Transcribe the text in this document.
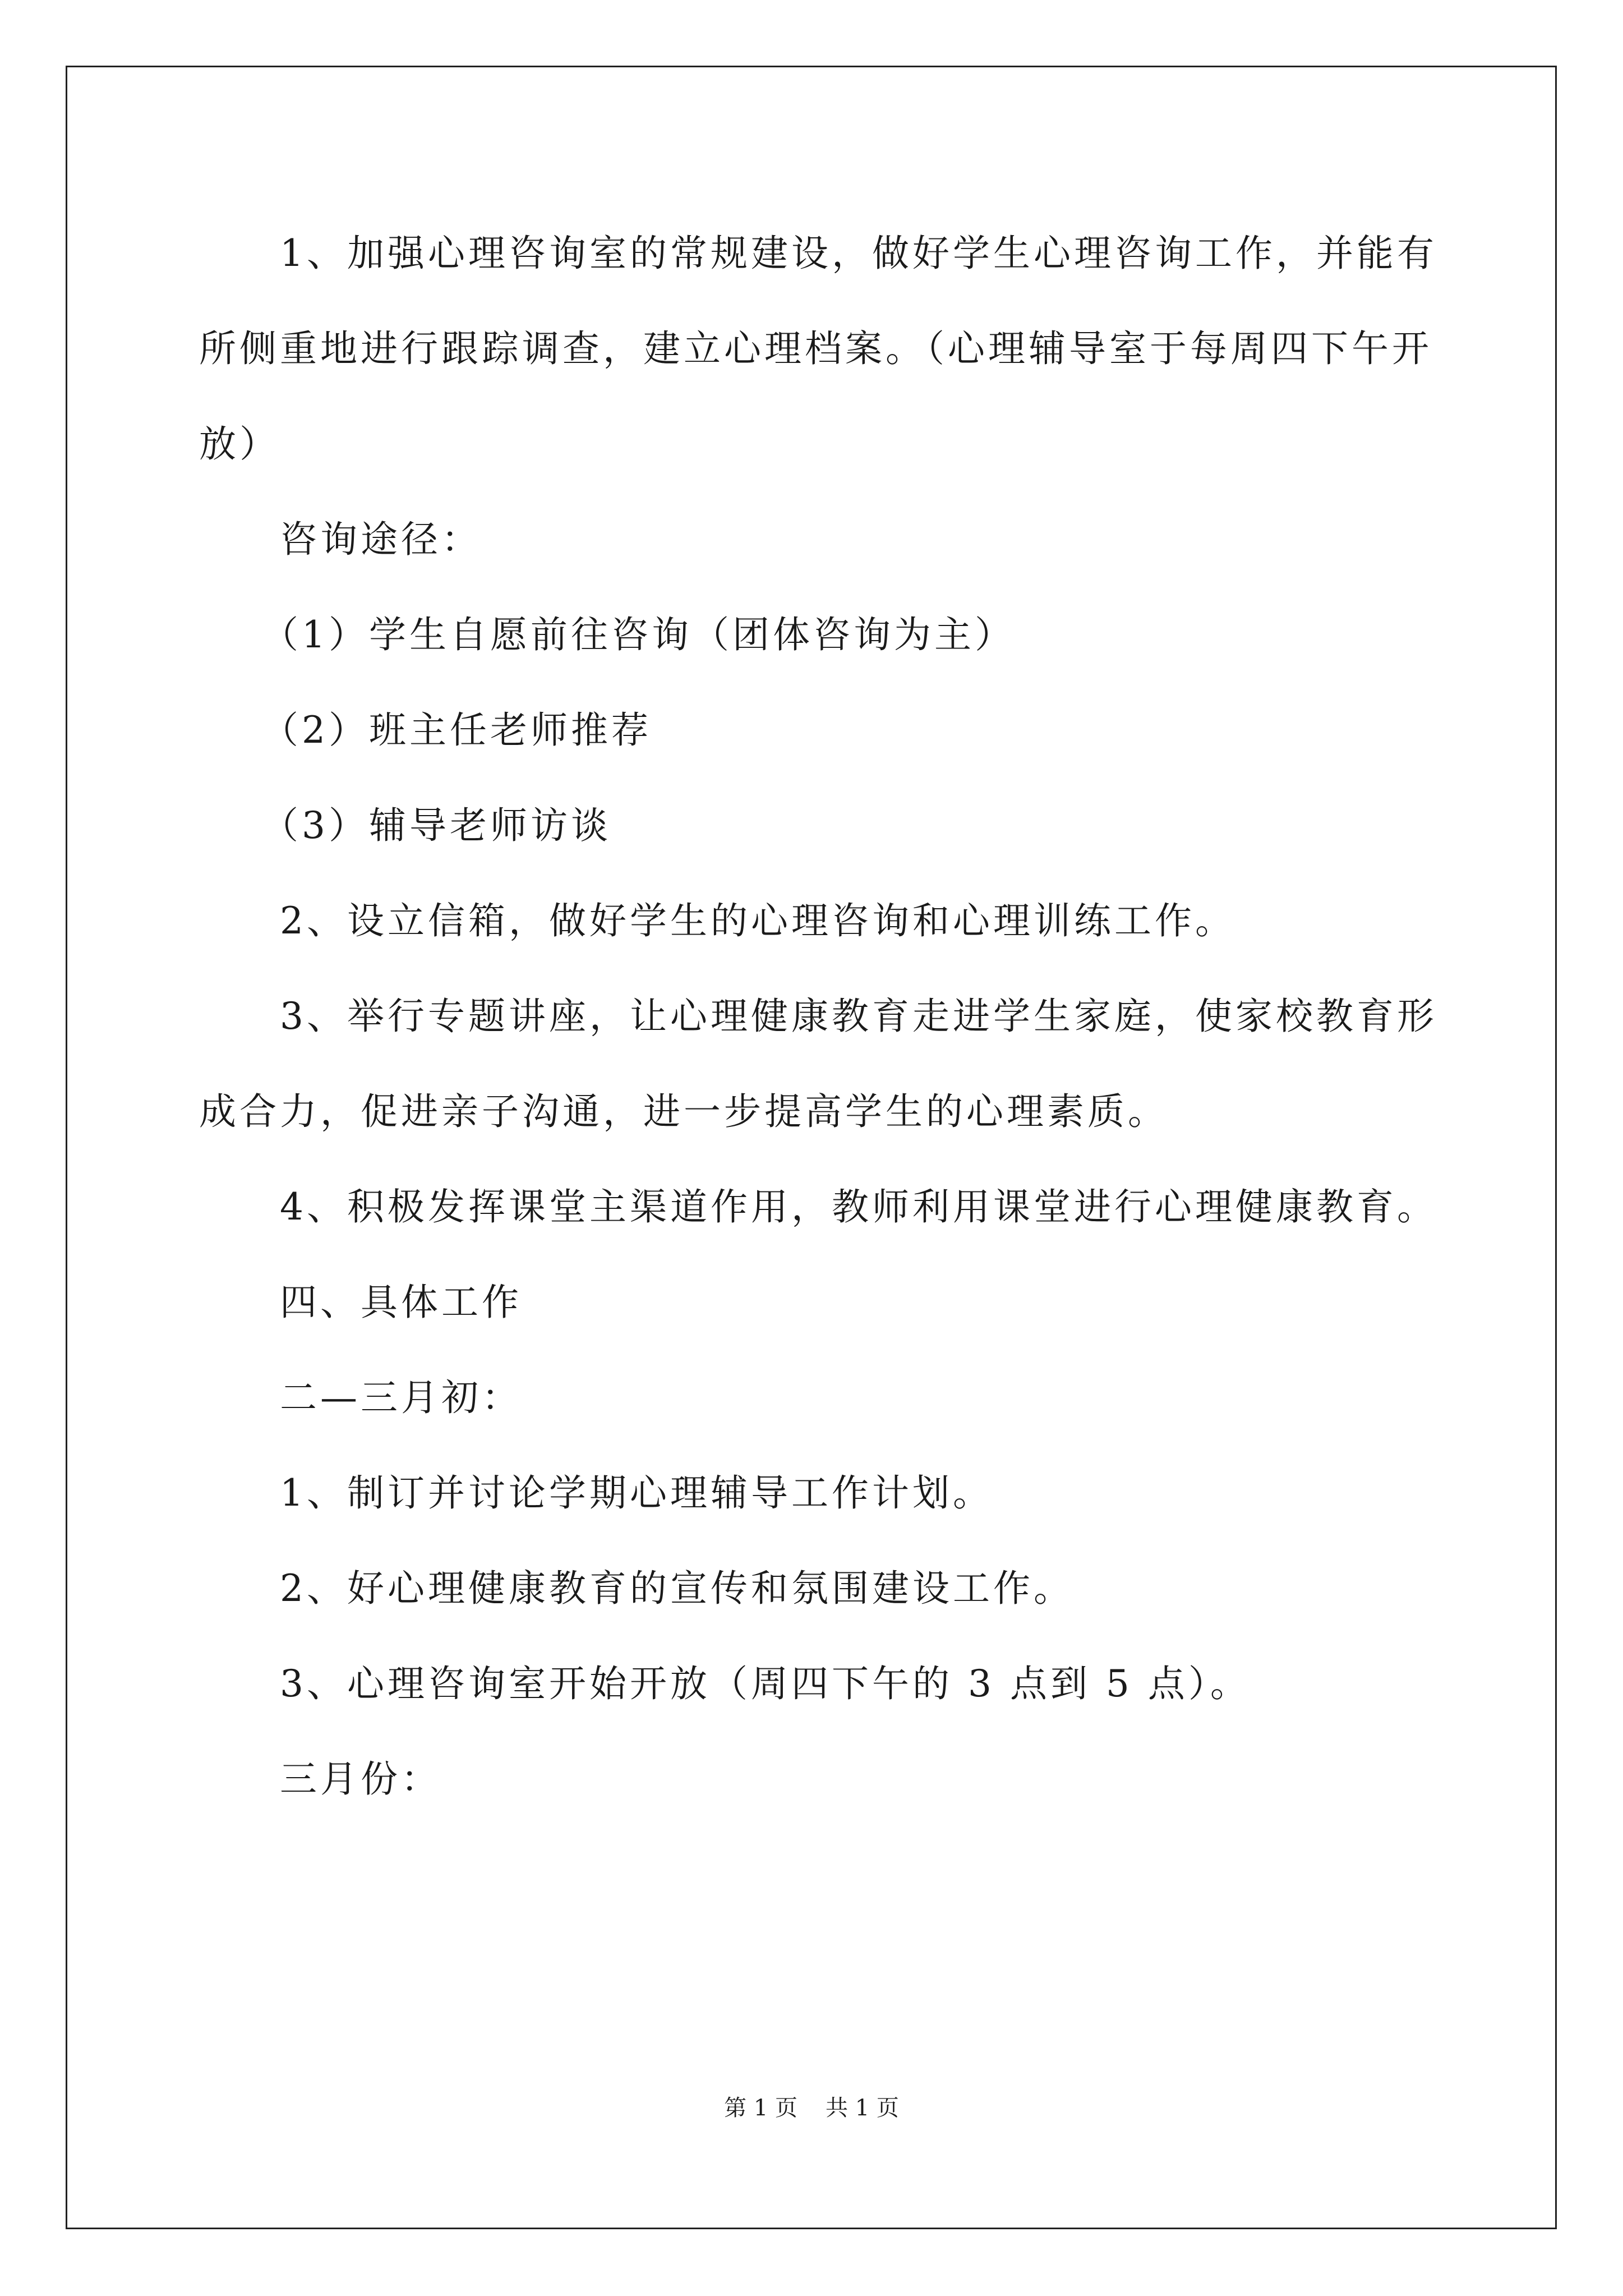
　　1、加强心理咨询室的常规建设，做好学生心理咨询工作，并能有
所侧重地进行跟踪调查，建立心理档案。（心理辅导室于每周四下午开
放）
　　咨询途径：
　　（1）学生自愿前往咨询（团体咨询为主）
　　（2）班主任老师推荐
　　（3）辅导老师访谈
　　2、设立信箱，做好学生的心理咨询和心理训练工作。
　　3、举行专题讲座，让心理健康教育走进学生家庭，使家校教育形
成合力，促进亲子沟通，进一步提高学生的心理素质。
　　4、积极发挥课堂主渠道作用，教师利用课堂进行心理健康教育。
　　四、具体工作
　　二—三月初：
　　1、制订并讨论学期心理辅导工作计划。
　　2、好心理健康教育的宣传和氛围建设工作。
　　3、心理咨询室开始开放（周四下午的 3 点到 5 点）。
　　三月份：
第 1 页 共 1 页
